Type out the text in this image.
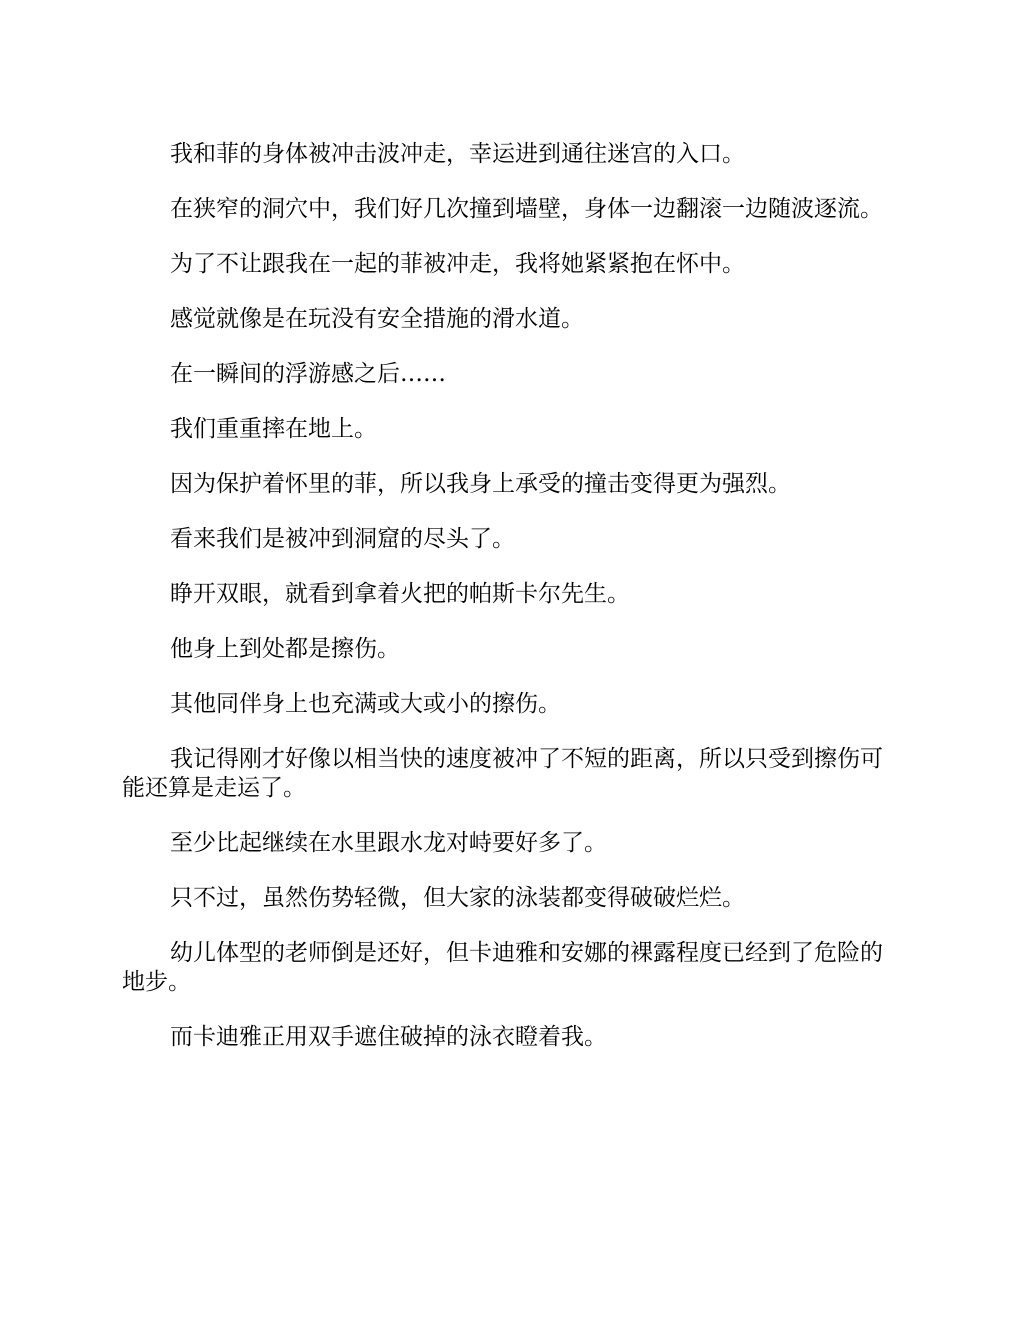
我和菲的身体被冲击波冲走，幸运进到通往迷宫的入口。

在狭窄的洞穴中，我们好几次撞到墙壁，身体一边翻滚一边随波逐流。

为了不让跟我在一起的菲被冲走，我将她紧紧抱在怀中。

感觉就像是在玩没有安全措施的滑水道。

在一瞬间的浮游感之后……

我们重重摔在地上。

因为保护着怀里的菲，所以我身上承受的撞击变得更为强烈。

看来我们是被冲到洞窟的尽头了。

睁开双眼，就看到拿着火把的帕斯卡尔先生。

他身上到处都是擦伤。

其他同伴身上也充满或大或小的擦伤。

我记得刚才好像以相当快的速度被冲了不短的距离，所以只受到擦伤可能还算是走运了。

至少比起继续在水里跟水龙对峙要好多了。

只不过，虽然伤势轻微，但大家的泳装都变得破破烂烂。

幼儿体型的老师倒是还好，但卡迪雅和安娜的裸露程度已经到了危险的地步。

而卡迪雅正用双手遮住破掉的泳衣瞪着我。
